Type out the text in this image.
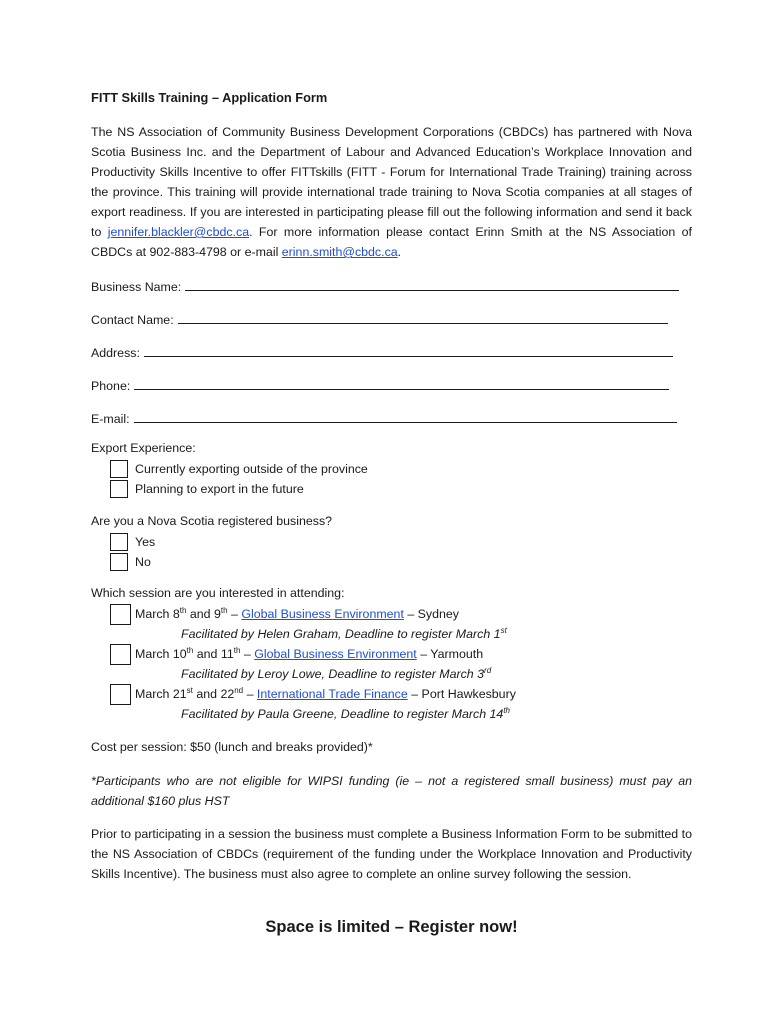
FITT Skills Training – Application Form

The NS Association of Community Business Development Corporations (CBDCs) has partnered with Nova Scotia Business Inc. and the Department of Labour and Advanced Education’s Workplace Innovation and Productivity Skills Incentive to offer FITTskills (FITT - Forum for International Trade Training) training across the province. This training will provide international trade training to Nova Scotia companies at all stages of export readiness. If you are interested in participating please fill out the following information and send it back to jennifer.blackler@cbdc.ca. For more information please contact Erinn Smith at the NS Association of CBDCs at 902-883-4798 or e-mail erinn.smith@cbdc.ca.

Business Name:
Contact Name:
Address:
Phone:
E-mail:
Export Experience:
Currently exporting outside of the province
Planning to export in the future
Are you a Nova Scotia registered business?
Yes
No
Which session are you interested in attending:
March 8th and 9th – Global Business Environment – Sydney
Facilitated by Helen Graham, Deadline to register March 1st
March 10th and 11th – Global Business Environment – Yarmouth
Facilitated by Leroy Lowe, Deadline to register March 3rd
March 21st and 22nd – International Trade Finance – Port Hawkesbury
Facilitated by Paula Greene, Deadline to register March 14th
Cost per session: $50 (lunch and breaks provided)*

*Participants who are not eligible for WIPSI funding (ie – not a registered small business) must pay an additional $160 plus HST

Prior to participating in a session the business must complete a Business Information Form to be submitted to the NS Association of CBDCs (requirement of the funding under the Workplace Innovation and Productivity Skills Incentive). The business must also agree to complete an online survey following the session.

Space is limited – Register now!
